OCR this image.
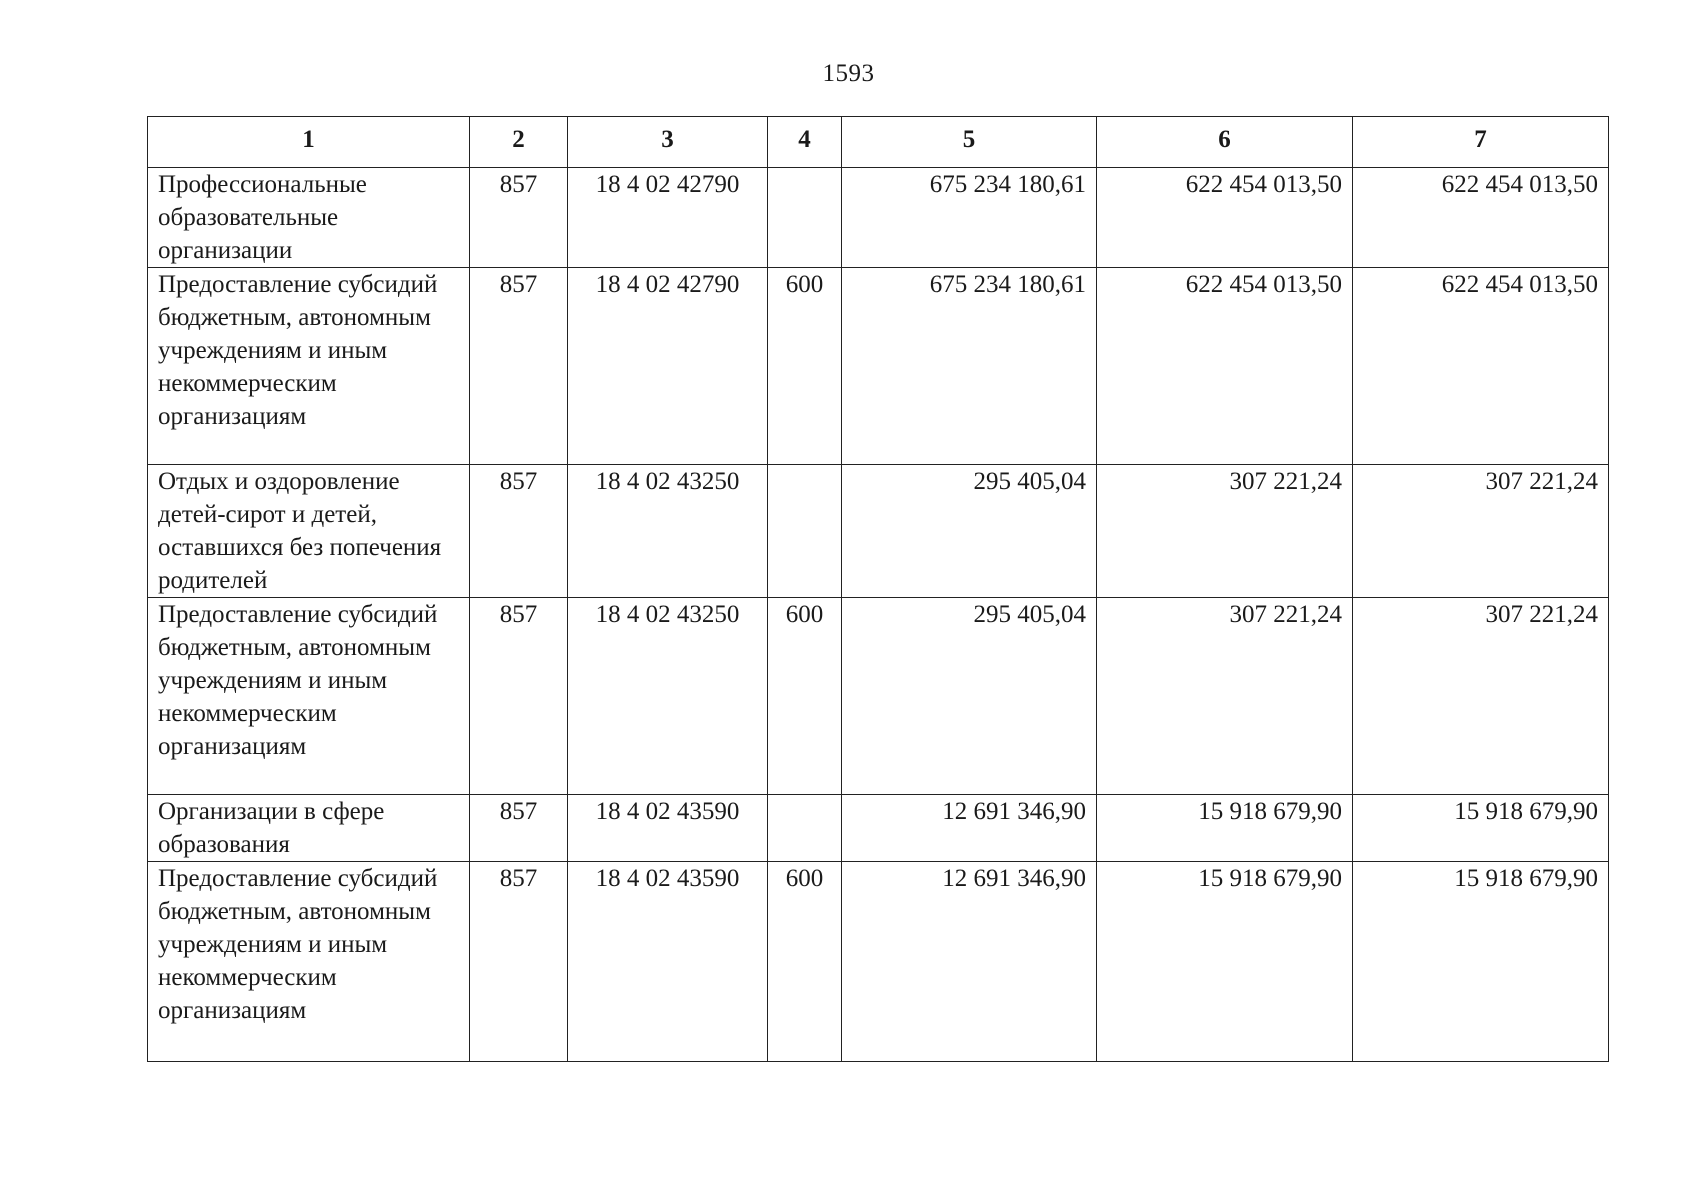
1593
1	2	3	4	5	6	7
Профессиональные образовательные организации	857	18 4 02 42790		675 234 180,61	622 454 013,50	622 454 013,50
Предоставление субсидий бюджетным, автономным учреждениям и иным некоммерческим организациям	857	18 4 02 42790	600	675 234 180,61	622 454 013,50	622 454 013,50
Отдых и оздоровление детей-сирот и детей, оставшихся без попечения родителей	857	18 4 02 43250		295 405,04	307 221,24	307 221,24
Предоставление субсидий бюджетным, автономным учреждениям и иным некоммерческим организациям	857	18 4 02 43250	600	295 405,04	307 221,24	307 221,24
Организации в сфере образования	857	18 4 02 43590		12 691 346,90	15 918 679,90	15 918 679,90
Предоставление субсидий бюджетным, автономным учреждениям и иным некоммерческим организациям	857	18 4 02 43590	600	12 691 346,90	15 918 679,90	15 918 679,90
